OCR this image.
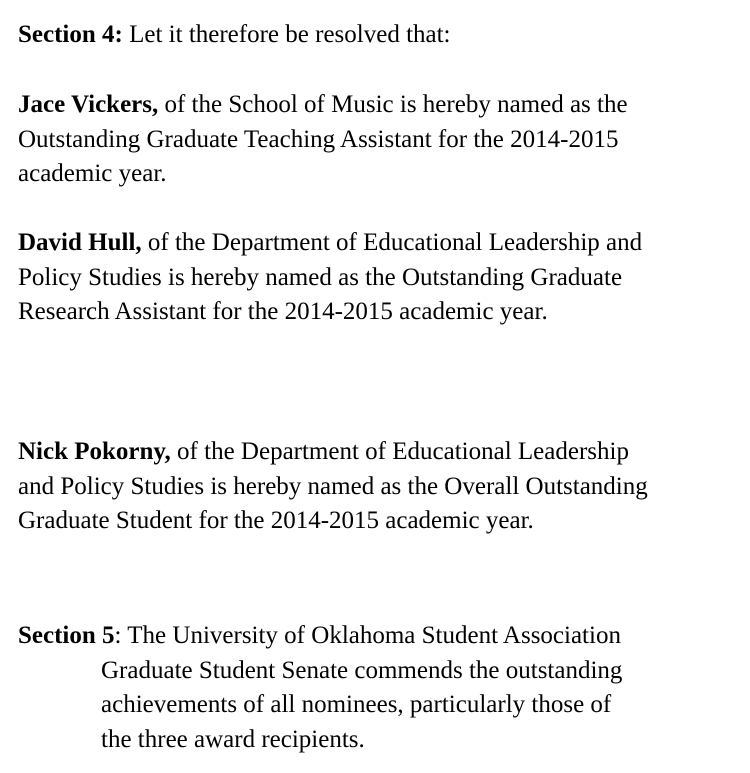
Section 4: Let it therefore be resolved that:

Jace Vickers, of the School of Music is hereby named as the
Outstanding Graduate Teaching Assistant for the 2014-2015
academic year.

David Hull, of the Department of Educational Leadership and
Policy Studies is hereby named as the Outstanding Graduate
Research Assistant for the 2014-2015 academic year.

Nick Pokorny, of the Department of Educational Leadership
and Policy Studies is hereby named as the Overall Outstanding
Graduate Student for the 2014-2015 academic year.

Section 5: The University of Oklahoma Student Association
Graduate Student Senate commends the outstanding
achievements of all nominees, particularly those of
the three award recipients.
